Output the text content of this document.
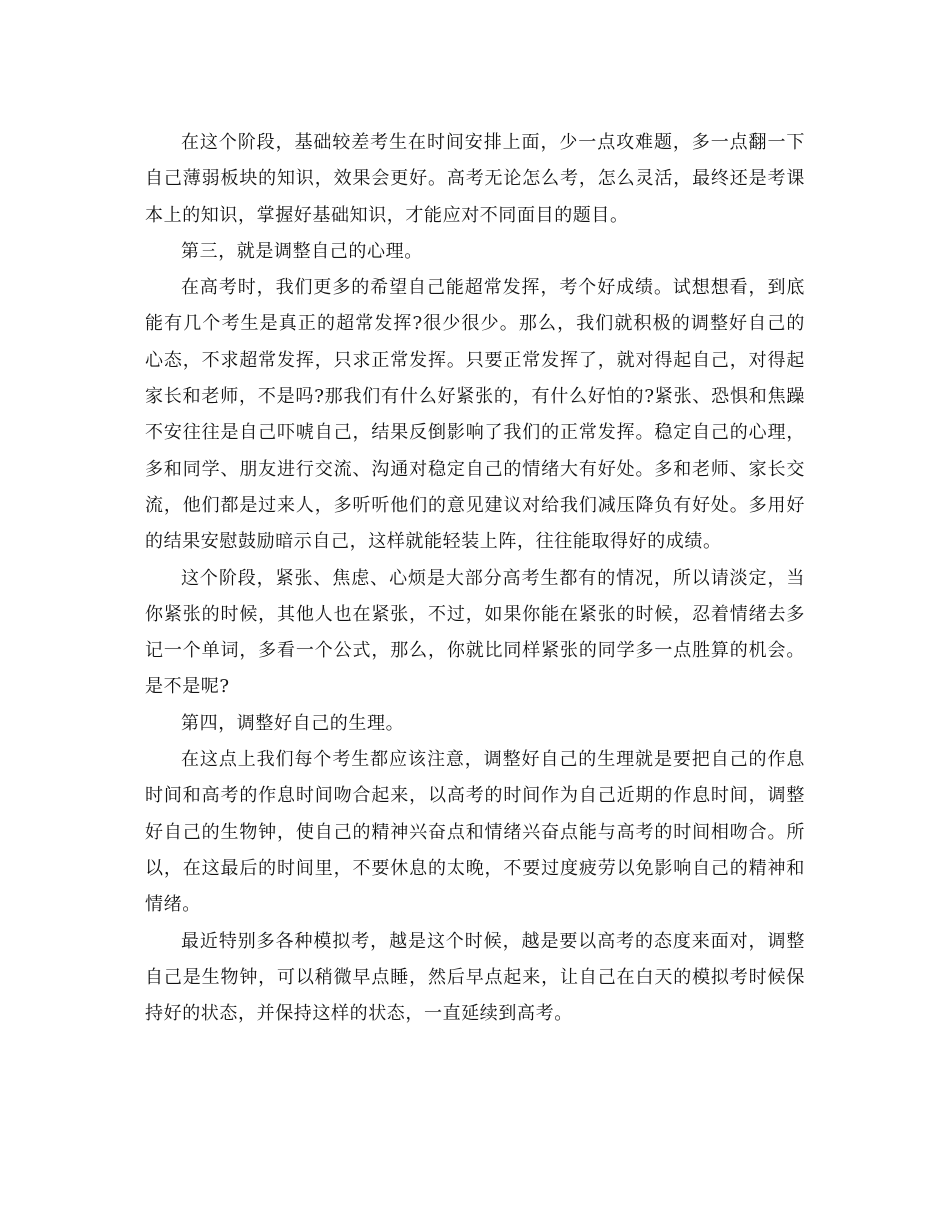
在这个阶段，基础较差考生在时间安排上面，少一点攻难题，多一点翻一下自己薄弱板块的知识，效果会更好。高考无论怎么考，怎么灵活，最终还是考课本上的知识，掌握好基础知识，才能应对不同面目的题目。

第三，就是调整自己的心理。

在高考时，我们更多的希望自己能超常发挥，考个好成绩。试想想看，到底能有几个考生是真正的超常发挥?很少很少。那么，我们就积极的调整好自己的心态，不求超常发挥，只求正常发挥。只要正常发挥了，就对得起自己，对得起家长和老师，不是吗?那我们有什么好紧张的，有什么好怕的?紧张、恐惧和焦躁不安往往是自己吓唬自己，结果反倒影响了我们的正常发挥。稳定自己的心理，多和同学、朋友进行交流、沟通对稳定自己的情绪大有好处。多和老师、家长交流，他们都是过来人，多听听他们的意见建议对给我们减压降负有好处。多用好的结果安慰鼓励暗示自己，这样就能轻装上阵，往往能取得好的成绩。

这个阶段，紧张、焦虑、心烦是大部分高考生都有的情况，所以请淡定，当你紧张的时候，其他人也在紧张，不过，如果你能在紧张的时候，忍着情绪去多记一个单词，多看一个公式，那么，你就比同样紧张的同学多一点胜算的机会。是不是呢?

第四，调整好自己的生理。

在这点上我们每个考生都应该注意，调整好自己的生理就是要把自己的作息时间和高考的作息时间吻合起来，以高考的时间作为自己近期的作息时间，调整好自己的生物钟，使自己的精神兴奋点和情绪兴奋点能与高考的时间相吻合。所以，在这最后的时间里，不要休息的太晚，不要过度疲劳以免影响自己的精神和情绪。

最近特别多各种模拟考，越是这个时候，越是要以高考的态度来面对，调整自己是生物钟，可以稍微早点睡，然后早点起来，让自己在白天的模拟考时候保持好的状态，并保持这样的状态，一直延续到高考。
